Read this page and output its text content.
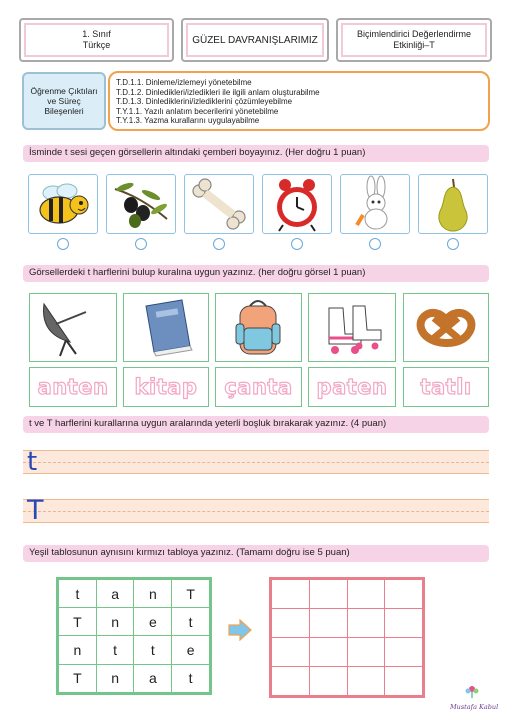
1. Sınıf
Türkçe	GÜZEL DAVRANIŞLARIMIZ
Biçimlendirici Değerlendirme
Etkinliği–T
Öğrenme Çıktıları
ve Süreç
Bileşenleri
T.D.1.1. Dinleme/izlemeyi yönetebilme
T.D.1.2. Dinledikleri/izledikleri ile ilgili anlam oluşturabilme
T.D.1.3. Dinlediklerini/izlediklerini çözümleyebilme
T.Y.1.1. Yazılı anlatım becerilerini yönetebilme
T.Y.1.3. Yazma kurallarını uygulayabilme
İsminde t sesi geçen görsellerin altındaki çemberi boyayınız. (Her doğru 1 puan)
Görsellerdeki t harflerini bulup kuralına uygun yazınız. (her doğru görsel 1 puan)
anten kitap çanta paten tatlı
t ve T harflerini kurallarına uygun aralarında yeterli boşluk bırakarak yazınız. (4 puan)
t
T
Yeşil tablosunun aynısını kırmızı tabloya yazınız. (Tamamı doğru ise 5 puan)
t	a	n	T
T	n	e	t
n	t	t	e
T	n	a	t

Mustafa Kabul
